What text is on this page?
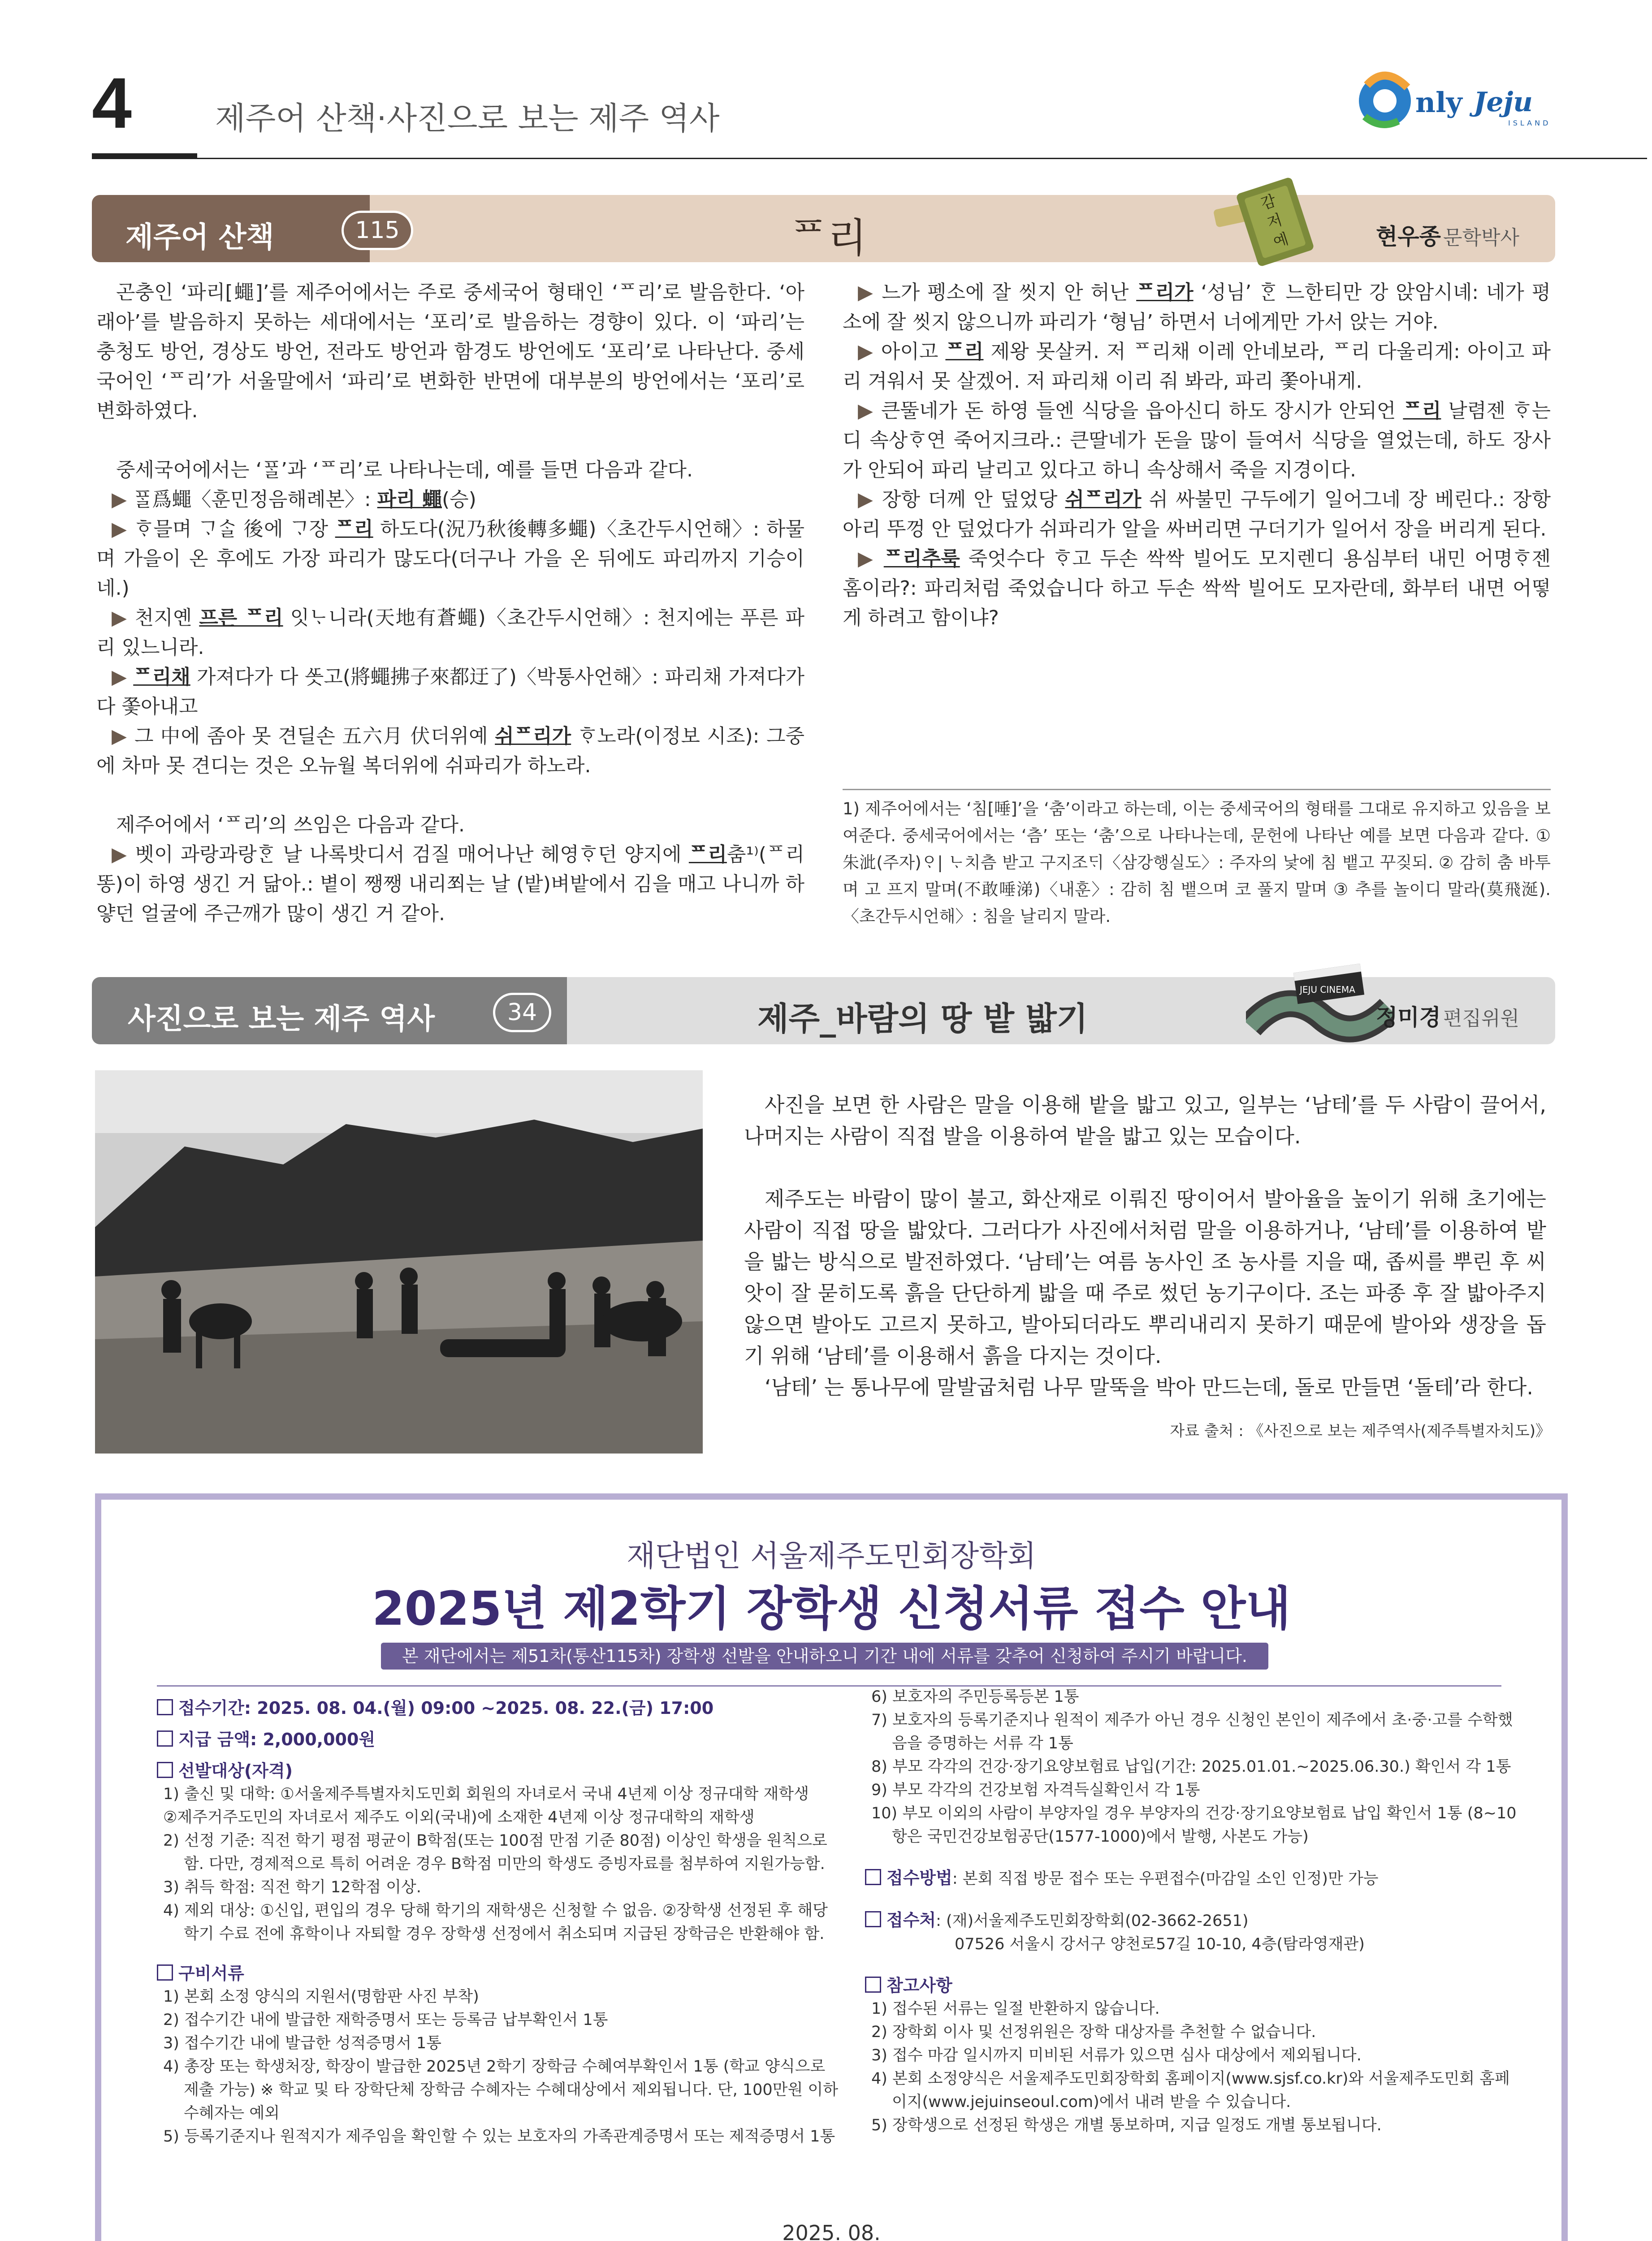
4	제주어 산책·사진으로 보는 제주 역사	nly Jeju
ISLAND
제주어 산책	115	ᄑ리
감
저
예	현우종 문학박사

곤충인 ‘파리[蠅]’를 제주어에서는 주로 중세국어 형태인 ‘ᄑ리’로 발음한다. ‘아래아’를 발음하지 못하는 세대에서는 ‘포리’로 발음하는 경향이 있다. 이 ‘파리’는 충청도 방언, 경상도 방언, 전라도 방언과 함경도 방언에도 ‘포리’로 나타난다. 중세국어인 ‘ᄑ리’가 서울말에서 ‘파리’로 변화한 반면에 대부분의 방언에서는 ‘포리’로 변화하였다.

중세국어에서는 ‘ᄑᆞᆯ’과 ‘ᄑ리’로 나타나는데, 예를 들면 다음과 같다.

▶ ᄑᆞᆯ爲蠅〈훈민정음해례본〉: 파리 蠅(승)

▶ ᄒᆞ믈며 ᄀᆞᄉᆞᆯ 後에 ᄀᆞ장 ᄑ리 하도다(況乃秋後轉多蠅)〈초간두시언해〉: 하물며 가을이 온 후에도 가장 파리가 많도다(더구나 가을 온 뒤에도 파리까지 기승이네.)

▶ 천지옌 프른 ᄑ리 잇ᄂᆞ니라(天地有蒼蠅)〈초간두시언해〉: 천지에는 푸른 파리 있느니라.

▶ ᄑ리채 가져다가 다 ᄯᅩᆺ고(將蠅拂子來都迂了)〈박통사언해〉: 파리채 가져다가 다 쫓아내고

▶ 그 中에 좀아 못 견딜손 五六月 伏더위예 쉬ᄑ리가 ᄒᆞ노라(이정보 시조): 그중에 차마 못 견디는 것은 오뉴월 복더위에 쉬파리가 하노라.

제주어에서 ‘ᄑ리’의 쓰임은 다음과 같다.

▶ 벳이 과랑과랑ᄒᆞᆫ 날 나록밧디서 검질 매어나난 헤영ᄒᆞ던 양지에 ᄑ리춤¹⁾(ᄑ리똥)이 하영 생긴 거 닮아.: 볕이 쨍쨍 내리쬐는 날 (밭)벼밭에서 김을 매고 나니까 하얗던 얼굴에 주근깨가 많이 생긴 거 같아.

▶ 느가 펭소에 잘 씻지 안 허난 ᄑ리가 ‘성님’ ᄒᆞᆫ 느한티만 강 앉암시녜: 네가 평소에 잘 씻지 않으니까 파리가 ‘형님’ 하면서 너에게만 가서 앉는 거야.

▶ 아이고 ᄑ리 제왕 못살커. 저 ᄑ리채 이레 안네보라, ᄑ리 다울리게: 아이고 파리 겨워서 못 살겠어. 저 파리채 이리 줘 봐라, 파리 쫓아내게.

▶ 큰뚤네가 돈 하영 들엔 식당을 읍아신디 하도 장시가 안되언 ᄑ리 날렴젠 ᄒᆞ는디 속상ᄒᆞ연 죽어지크라.: 큰딸네가 돈을 많이 들여서 식당을 열었는데, 하도 장사가 안되어 파리 날리고 있다고 하니 속상해서 죽을 지경이다.

▶ 장항 더께 안 덮었당 쉬ᄑ리가 쉬 싸불민 구두에기 일어그네 장 베린다.: 장항아리 뚜껑 안 덮었다가 쉬파리가 알을 싸버리면 구더기가 일어서 장을 버리게 된다.

▶ ᄑ리추룩 죽엇수다 ᄒᆞ고 두손 싹싹 빌어도 모지렌디 용심부터 내민 어명ᄒᆞ젠 홈이라?: 파리처럼 죽었습니다 하고 두손 싹싹 빌어도 모자란데, 화부터 내면 어떻게 하려고 함이냐?

1) 제주어에서는 ‘침[唾]’을 ‘춤’이라고 하는데, 이는 중세국어의 형태를 그대로 유지하고 있음을 보여준다. 중세국어에서는 ‘츰’ 또는 ‘춤’으로 나타나는데, 문헌에 나타난 예를 보면 다음과 같다. ①朱泚(주자)ᄋᆞ| ᄂᆞ치츰 받고 구지조ᄃᆡ〈삼강행실도〉: 주자의 낯에 침 뱉고 꾸짖되. ② 감히 춤 바투며 고 프지 말며(不敢唾涕)〈내훈〉: 감히 침 뱉으며 코 풀지 말며 ③ 추를 놀이디 말라(莫飛涎).〈초간두시언해〉: 침을 날리지 말라.
사진으로 보는 제주 역사	34	제주_바람의 땅 밭 밟기
JEJU CINEMA
정미경 편집위원

사진을 보면 한 사람은 말을 이용해 밭을 밟고 있고, 일부는 ‘남테’를 두 사람이 끌어서, 나머지는 사람이 직접 발을 이용하여 밭을 밟고 있는 모습이다.

제주도는 바람이 많이 불고, 화산재로 이뤄진 땅이어서 발아율을 높이기 위해 초기에는 사람이 직접 땅을 밟았다. 그러다가 사진에서처럼 말을 이용하거나, ‘남테’를 이용하여 밭을 밟는 방식으로 발전하였다. ‘남테’는 여름 농사인 조 농사를 지을 때, 좁씨를 뿌린 후 씨앗이 잘 묻히도록 흙을 단단하게 밟을 때 주로 썼던 농기구이다. 조는 파종 후 잘 밟아주지 않으면 발아도 고르지 못하고, 발아되더라도 뿌리내리지 못하기 때문에 발아와 생장을 돕기 위해 ‘남테’를 이용해서 흙을 다지는 것이다.

‘남테’ 는 통나무에 말발굽처럼 나무 말뚝을 박아 만드는데, 돌로 만들면 ‘돌테’라 한다.

자료 출처 : 《사진으로 보는 제주역사(제주특별자치도)》
재단법인 서울제주도민회장학회
2025년 제2학기 장학생 신청서류 접수 안내
본 재단에서는 제51차(통산115차) 장학생 선발을 안내하오니 기간 내에 서류를 갖추어 신청하여 주시기 바랍니다.
접수기간: 2025. 08. 04.(월) 09:00 ~2025. 08. 22.(금) 17:00
지급 금액: 2,000,000원
선발대상(자격)
1) 출신 및 대학: ①서울제주특별자치도민회 회원의 자녀로서 국내 4년제 이상 정규대학 재학생
②제주거주도민의 자녀로서 제주도 이외(국내)에 소재한 4년제 이상 정규대학의 재학생
2) 선정 기준: 직전 학기 평점 평균이 B학점(또는 100점 만점 기준 80점) 이상인 학생을 원칙으로 함. 다만, 경제적으로 특히 어려운 경우 B학점 미만의 학생도 증빙자료를 첨부하여 지원가능함.
3) 취득 학점: 직전 학기 12학점 이상.
4) 제외 대상: ①신입, 편입의 경우 당해 학기의 재학생은 신청할 수 없음. ②장학생 선정된 후 해당 학기 수료 전에 휴학이나 자퇴할 경우 장학생 선정에서 취소되며 지급된 장학금은 반환해야 함.
구비서류
1) 본회 소정 양식의 지원서(명함판 사진 부착)
2) 접수기간 내에 발급한 재학증명서 또는 등록금 납부확인서 1통
3) 접수기간 내에 발급한 성적증명서 1통
4) 총장 또는 학생처장, 학장이 발급한 2025년 2학기 장학금 수혜여부확인서 1통 (학교 양식으로 제출 가능) ※ 학교 및 타 장학단체 장학금 수혜자는 수혜대상에서 제외됩니다. 단, 100만원 이하 수혜자는 예외
5) 등록기준지나 원적지가 제주임을 확인할 수 있는 보호자의 가족관계증명서 또는 제적증명서 1통
6) 보호자의 주민등록등본 1통
7) 보호자의 등록기준지나 원적이 제주가 아닌 경우 신청인 본인이 제주에서 초·중·고를 수학했음을 증명하는 서류 각 1통
8) 부모 각각의 건강·장기요양보험료 납입(기간: 2025.01.01.~2025.06.30.) 확인서 각 1통
9) 부모 각각의 건강보험 자격득실확인서 각 1통
10) 부모 이외의 사람이 부양자일 경우 부양자의 건강·장기요양보험료 납입 확인서 1통 (8~10항은 국민건강보험공단(1577-1000)에서 발행, 사본도 가능)
접수방법: 본회 직접 방문 접수 또는 우편접수(마감일 소인 인정)만 가능
접수처: (재)서울제주도민회장학회(02-3662-2651)
07526 서울시 강서구 양천로57길 10-10, 4층(탐라영재관)
참고사항
1) 접수된 서류는 일절 반환하지 않습니다.
2) 장학회 이사 및 선정위원은 장학 대상자를 추천할 수 없습니다.
3) 접수 마감 일시까지 미비된 서류가 있으면 심사 대상에서 제외됩니다.
4) 본회 소정양식은 서울제주도민회장학회 홈페이지(www.sjsf.co.kr)와 서울제주도민회 홈페이지(www.jejuinseoul.com)에서 내려 받을 수 있습니다.
5) 장학생으로 선정된 학생은 개별 통보하며, 지급 일정도 개별 통보됩니다.
2025. 08.
